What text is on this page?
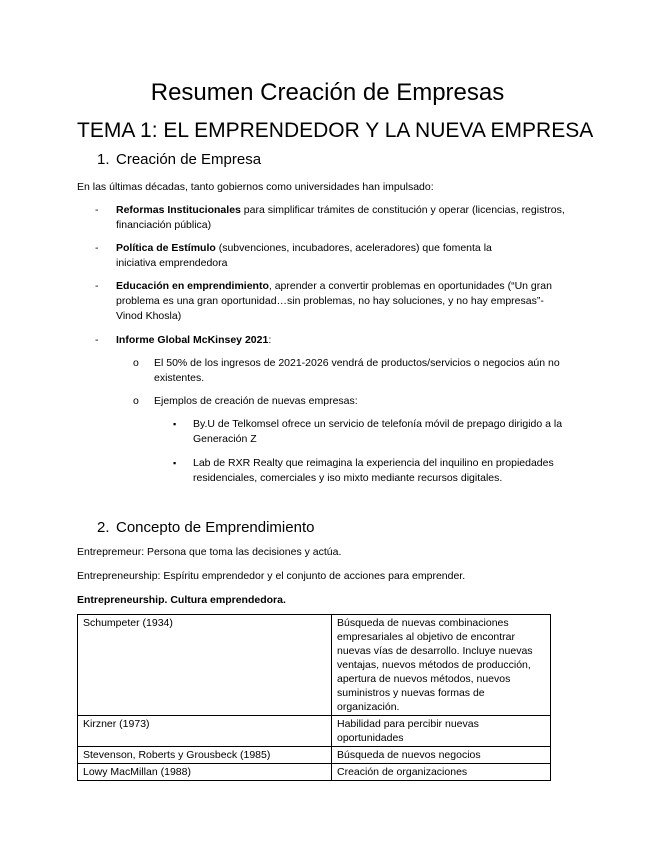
Resumen Creación de Empresas
TEMA 1: EL EMPRENDEDOR Y LA NUEVA EMPRESA
1. Creación de Empresa
En las últimas décadas, tanto gobiernos como universidades han impulsado:
- Reformas Institucionales para simplificar trámites de constitución y operar (licencias, registros, financiación pública)
- Política de Estímulo (subvenciones, incubadores, aceleradores) que fomenta la iniciativa emprendedora
- Educación en emprendimiento, aprender a convertir problemas en oportunidades (“Un gran problema es una gran oportunidad…sin problemas, no hay soluciones, y no hay empresas”- Vinod Khosla)
- Informe Global McKinsey 2021:
o El 50% de los ingresos de 2021-2026 vendrá de productos/servicios o negocios aún no existentes.
o Ejemplos de creación de nuevas empresas:
▪ By.U de Telkomsel ofrece un servicio de telefonía móvil de prepago dirigido a la Generación Z
▪ Lab de RXR Realty que reimagina la experiencia del inquilino en propiedades residenciales, comerciales y iso mixto mediante recursos digitales.
2. Concepto de Emprendimiento
Entrepremeur: Persona que toma las decisiones y actúa.
Entrepreneurship: Espíritu emprendedor y el conjunto de acciones para emprender.
Entrepreneurship. Cultura emprendedora.
Schumpeter (1934)	Búsqueda de nuevas combinaciones empresariales al objetivo de encontrar nuevas vías de desarrollo. Incluye nuevas ventajas, nuevos métodos de producción, apertura de nuevos métodos, nuevos suministros y nuevas formas de organización.
Kirzner (1973)	Habilidad para percibir nuevas oportunidades
Stevenson, Roberts y Grousbeck (1985)	Búsqueda de nuevos negocios
Lowy MacMillan (1988)	Creación de organizaciones
